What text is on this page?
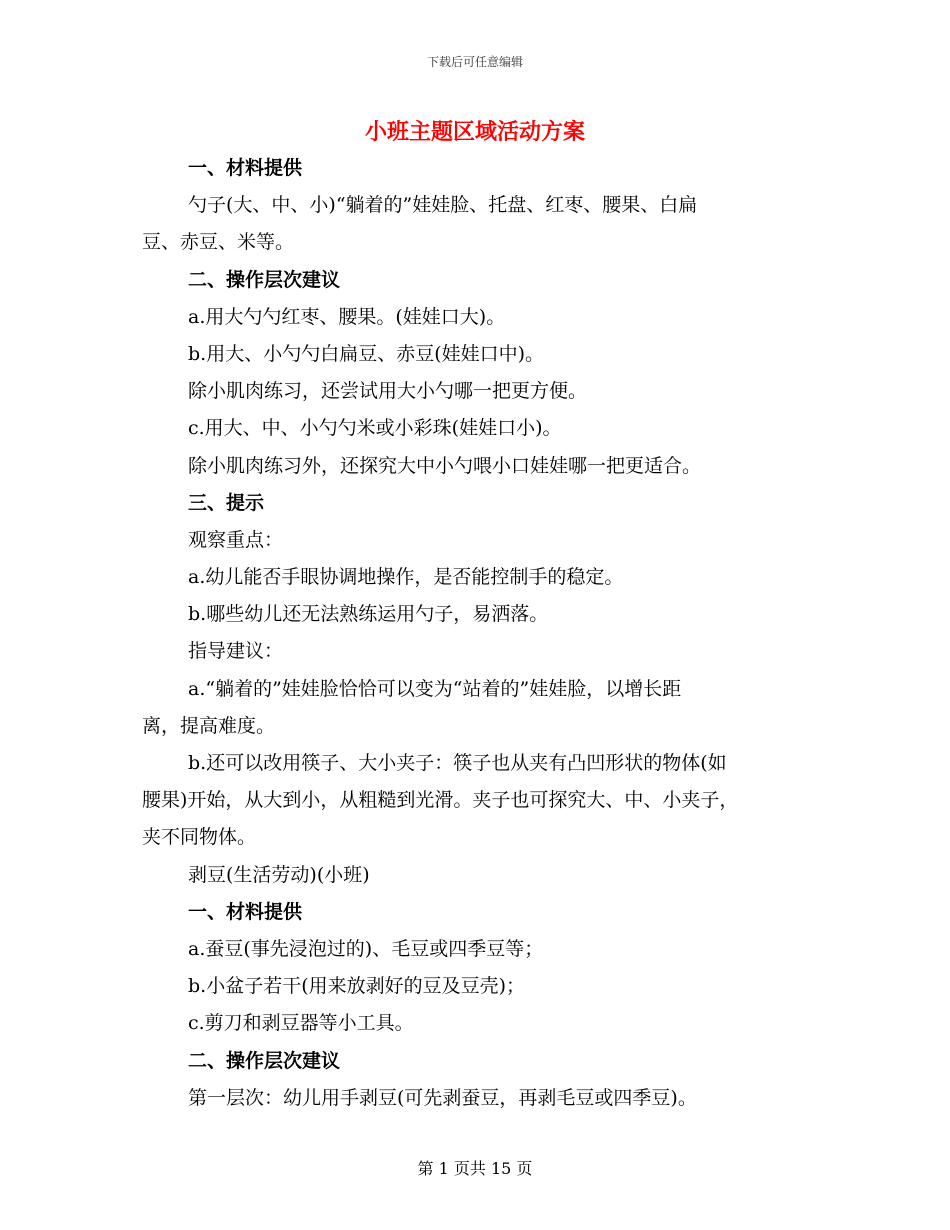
下载后可任意编辑
小班主题区域活动方案
一、材料提供
勺子(大、中、小)“躺着的”娃娃脸、托盘、红枣、腰果、白扁
豆、赤豆、米等。
二、操作层次建议
a.用大勺勺红枣、腰果。(娃娃口大)。
b.用大、小勺勺白扁豆、赤豆(娃娃口中)。
除小肌肉练习，还尝试用大小勺哪一把更方便。
c.用大、中、小勺勺米或小彩珠(娃娃口小)。
除小肌肉练习外，还探究大中小勺喂小口娃娃哪一把更适合。
三、提示
观察重点：
a.幼儿能否手眼协调地操作，是否能控制手的稳定。
b.哪些幼儿还无法熟练运用勺子，易洒落。
指导建议：
a.“躺着的”娃娃脸恰恰可以变为“站着的”娃娃脸，以增长距
离，提高难度。
b.还可以改用筷子、大小夹子：筷子也从夹有凸凹形状的物体(如
腰果)开始，从大到小，从粗糙到光滑。夹子也可探究大、中、小夹子，
夹不同物体。
剥豆(生活劳动)(小班)
一、材料提供
a.蚕豆(事先浸泡过的)、毛豆或四季豆等；
b.小盆子若干(用来放剥好的豆及豆壳)；
c.剪刀和剥豆器等小工具。
二、操作层次建议
第一层次：幼儿用手剥豆(可先剥蚕豆，再剥毛豆或四季豆)。
第 1 页共 15 页
